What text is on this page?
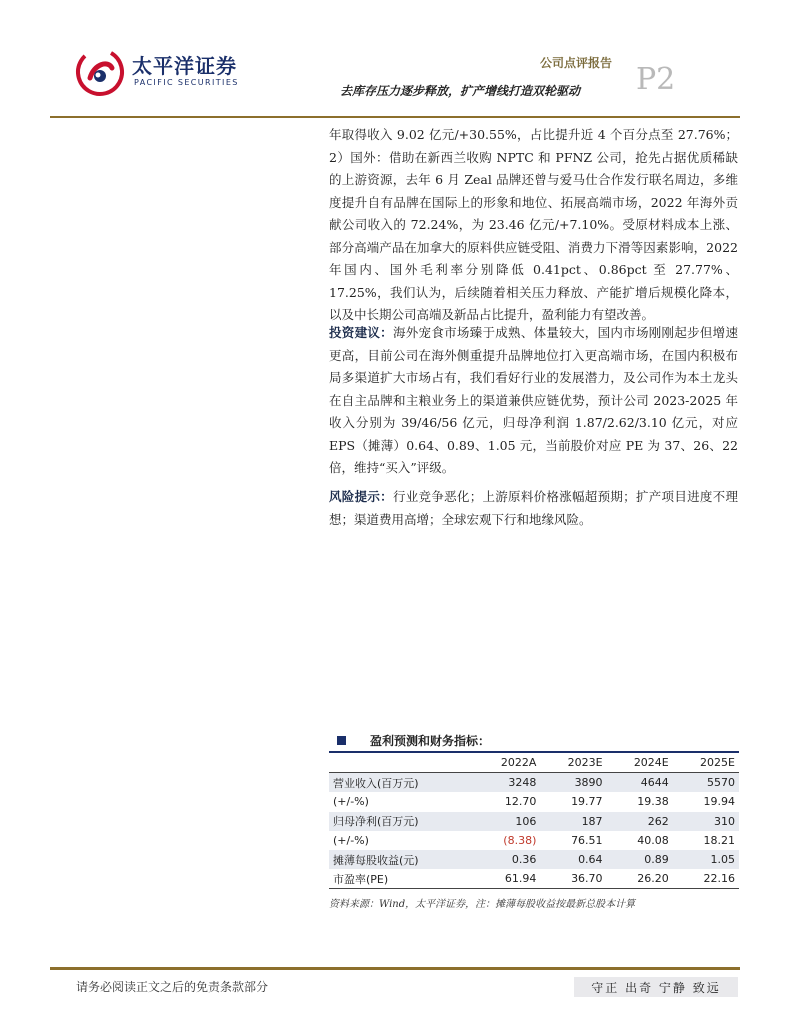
太平洋证券
PACIFIC SECURITIES
公司点评报告 P2
去库存压力逐步释放，扩产增线打造双轮驱动

年取得收入 9.02 亿元/+30.55%，占比提升近 4 个百分点至 27.76%；2）国外：借助在新西兰收购 NPTC 和 PFNZ 公司，抢先占据优质稀缺的上游资源，去年 6 月 Zeal 品牌还曾与爱马仕合作发行联名周边，多维度提升自有品牌在国际上的形象和地位、拓展高端市场，2022 年海外贡献公司收入的 72.24%，为 23.46 亿元/+7.10%。受原材料成本上涨、部分高端产品在加拿大的原料供应链受阻、消费力下滑等因素影响，2022 年国内、国外毛利率分别降低 0.41pct、0.86pct 至 27.77%、17.25%，我们认为，后续随着相关压力释放、产能扩增后规模化降本，以及中长期公司高端及新品占比提升，盈利能力有望改善。

投资建议：海外宠食市场臻于成熟、体量较大，国内市场刚刚起步但增速更高，目前公司在海外侧重提升品牌地位打入更高端市场，在国内积极布局多渠道扩大市场占有，我们看好行业的发展潜力，及公司作为本土龙头在自主品牌和主粮业务上的渠道兼供应链优势，预计公司 2023-2025 年收入分别为 39/46/56 亿元，归母净利润 1.87/2.62/3.10 亿元，对应 EPS（摊薄）0.64、0.89、1.05 元，当前股价对应 PE 为 37、26、22 倍，维持“买入”评级。

风险提示：行业竞争恶化；上游原料价格涨幅超预期；扩产项目进度不理想；渠道费用高增；全球宏观下行和地缘风险。

盈利预测和财务指标：
	2022A	2023E	2024E	2025E
营业收入(百万元)	3248	3890	4644	5570
(+/-%)	12.70	19.77	19.38	19.94
归母净利(百万元)	106	187	262	310
(+/-%)	(8.38)	76.51	40.08	18.21
摊薄每股收益(元)	0.36	0.64	0.89	1.05
市盈率(PE)	61.94	36.70	26.20	22.16
资料来源：Wind，太平洋证券，注：摊薄每股收益按最新总股本计算
请务必阅读正文之后的免责条款部分	守正 出奇 宁静 致远
